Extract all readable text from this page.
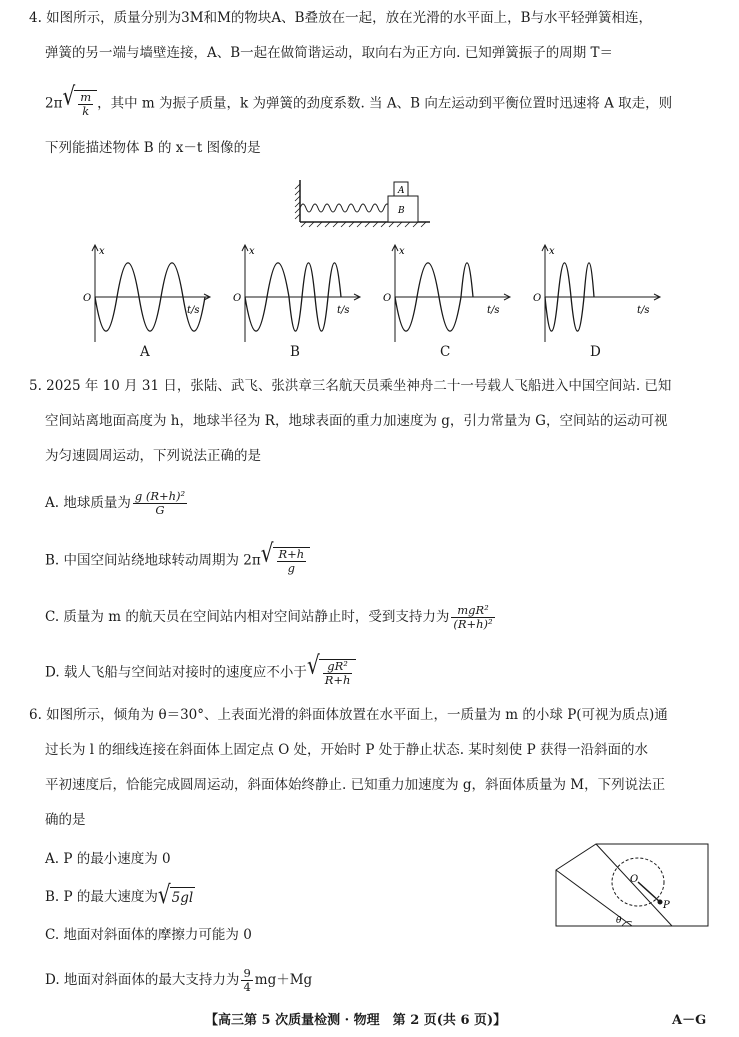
4. 如图所示，质量分别为3M和M的物块A、B叠放在一起，放在光滑的水平面上，B与水平轻弹簧相连，
弹簧的另一端与墙壁连接，A、B一起在做简谐运动，取向右为正方向. 已知弹簧振子的周期 T＝
2π √ $\frac{m}{k}$ ，其中 m 为振子质量，k 为弹簧的劲度系数. 当 A、B 向左运动到平衡位置时迅速将 A 取走，则
下列能描述物体 B 的 x－t 图像的是
A
B
x
t/s
O
x
t/s
O
x
t/s
O
x
t/s
O
A	B	C	D
5. 2025 年 10 月 31 日，张陆、武飞、张洪章三名航天员乘坐神舟二十一号载人飞船进入中国空间站. 已知
空间站离地面高度为 h，地球半径为 R，地球表面的重力加速度为 g，引力常量为 G，空间站的运动可视
为匀速圆周运动，下列说法正确的是
A. 地球质量为 $\frac{\text{g (R+h)²}}{G}$
B. 中国空间站绕地球转动周期为 2π √ $\frac{R+h}{g}$
C. 质量为 m 的航天员在空间站内相对空间站静止时，受到支持力为 $\frac{\text{mgR²}}{\text{(R+h)²}}$
D. 载人飞船与空间站对接时的速度应不小于 √ $\frac{\text{gR²}}{R+h}$
6. 如图所示，倾角为 θ＝30°、上表面光滑的斜面体放置在水平面上，一质量为 m 的小球 P(可视为质点)通
过长为 l 的细线连接在斜面体上固定点 O 处，开始时 P 处于静止状态. 某时刻使 P 获得一沿斜面的水
平初速度后，恰能完成圆周运动，斜面体始终静止. 已知重力加速度为 g，斜面体质量为 M，下列说法正
确的是
A. P 的最小速度为 0
B. P 的最大速度为 √ 5gl
C. 地面对斜面体的摩擦力可能为 0
D. 地面对斜面体的最大支持力为 $\frac{9}{4} mg+Mg$
O
P
θ
【高三第 5 次质量检测 · 物理　第 2 页(共 6 页)】	A－G
